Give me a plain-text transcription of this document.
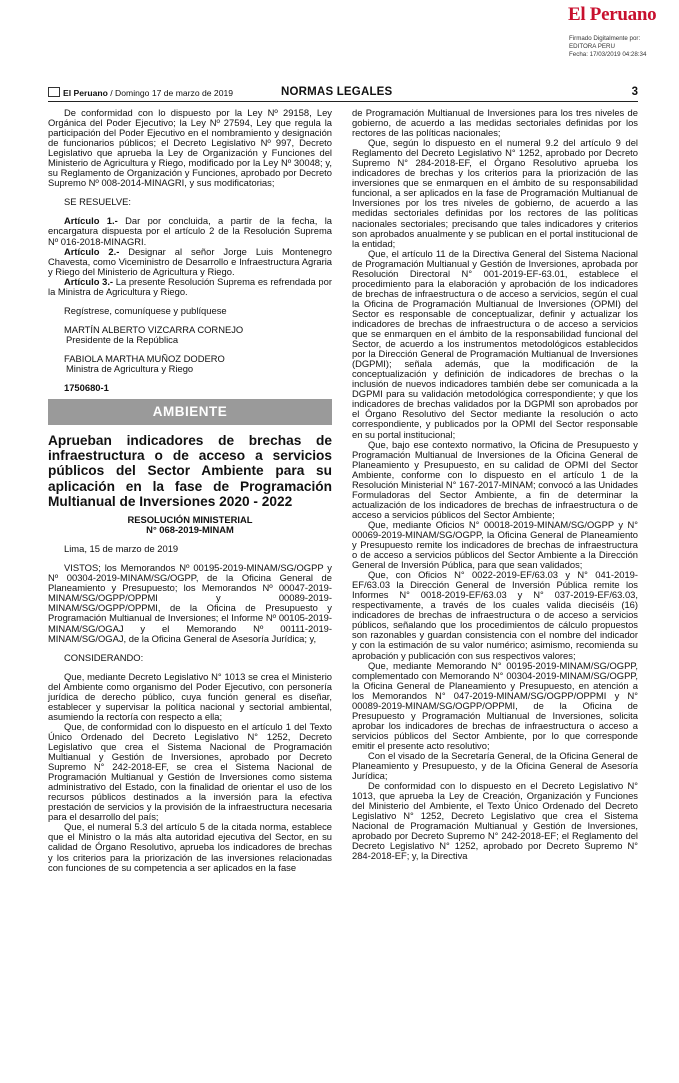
El Peruano
Firmado Digitalmente por:
EDITORA PERU
Fecha: 17/03/2019 04:28:34
El Peruano / Domingo 17 de marzo de 2019	NORMAS LEGALES	3

De conformidad con lo dispuesto por la Ley Nº 29158, Ley Orgánica del Poder Ejecutivo; la Ley Nº 27594, Ley que regula la participación del Poder Ejecutivo en el nombramiento y designación de funcionarios públicos; el Decreto Legislativo Nº 997, Decreto Legislativo que aprueba la Ley de Organización y Funciones del Ministerio de Agricultura y Riego, modificado por la Ley Nº 30048; y, su Reglamento de Organización y Funciones, aprobado por Decreto Supremo Nº 008-2014-MINAGRI, y sus modificatorias;

SE RESUELVE:

Artículo 1.- Dar por concluida, a partir de la fecha, la encargatura dispuesta por el artículo 2 de la Resolución Suprema Nº 016-2018-MINAGRI.

Artículo 2.- Designar al señor Jorge Luis Montenegro Chavesta, como Viceministro de Desarrollo e Infraestructura Agraria y Riego del Ministerio de Agricultura y Riego.

Artículo 3.- La presente Resolución Suprema es refrendada por la Ministra de Agricultura y Riego.

Regístrese, comuníquese y publíquese

MARTÍN ALBERTO VIZCARRA CORNEJO

Presidente de la República

FABIOLA MARTHA MUÑOZ DODERO

Ministra de Agricultura y Riego

1750680-1

AMBIENTE
Aprueban indicadores de brechas de infraestructura o de acceso a servicios públicos del Sector Ambiente para su aplicación en la fase de Programación Multianual de Inversiones 2020 - 2022
RESOLUCIÓN MINISTERIAL
N° 068-2019-MINAM

Lima, 15 de marzo de 2019

VISTOS; los Memorandos Nº 00195-2019-MINAM/SG/OGPP y Nº 00304-2019-MINAM/SG/OGPP, de la Oficina General de Planeamiento y Presupuesto; los Memorandos Nº 00047-2019-MINAM/SG/OGPP/OPPMI y 00089-2019-MINAM/SG/OGPP/OPPMI, de la Oficina de Presupuesto y Programación Multianual de Inversiones; el Informe Nº 00105-2019-MINAM/SG/OGAJ y el Memorando Nº 00111-2019-MINAM/SG/OGAJ, de la Oficina General de Asesoría Jurídica; y,

CONSIDERANDO:

Que, mediante Decreto Legislativo N° 1013 se crea el Ministerio del Ambiente como organismo del Poder Ejecutivo, con personería jurídica de derecho público, cuya función general es diseñar, establecer y supervisar la política nacional y sectorial ambiental, asumiendo la rectoría con respecto a ella;

Que, de conformidad con lo dispuesto en el artículo 1 del Texto Único Ordenado del Decreto Legislativo N° 1252, Decreto Legislativo que crea el Sistema Nacional de Programación Multianual y Gestión de Inversiones, aprobado por Decreto Supremo N° 242-2018-EF, se crea el Sistema Nacional de Programación Multianual y Gestión de Inversiones como sistema administrativo del Estado, con la finalidad de orientar el uso de los recursos públicos destinados a la inversión para la efectiva prestación de servicios y la provisión de la infraestructura necesaria para el desarrollo del país;

Que, el numeral 5.3 del artículo 5 de la citada norma, establece que el Ministro o la más alta autoridad ejecutiva del Sector, en su calidad de Órgano Resolutivo, aprueba los indicadores de brechas y los criterios para la priorización de las inversiones relacionadas con funciones de su competencia a ser aplicados en la fase

de Programación Multianual de Inversiones para los tres niveles de gobierno, de acuerdo a las medidas sectoriales definidas por los rectores de las políticas nacionales;

Que, según lo dispuesto en el numeral 9.2 del artículo 9 del Reglamento del Decreto Legislativo N° 1252, aprobado por Decreto Supremo N° 284-2018-EF, el Órgano Resolutivo aprueba los indicadores de brechas y los criterios para la priorización de las inversiones que se enmarquen en el ámbito de su responsabilidad funcional, a ser aplicados en la fase de Programación Multianual de Inversiones por los tres niveles de gobierno, de acuerdo a las medidas sectoriales definidas por los rectores de las políticas nacionales sectoriales; precisando que tales indicadores y criterios son aprobados anualmente y se publican en el portal institucional de la entidad;

Que, el artículo 11 de la Directiva General del Sistema Nacional de Programación Multianual y Gestión de Inversiones, aprobada por Resolución Directoral N° 001-2019-EF-63.01, establece el procedimiento para la elaboración y aprobación de los indicadores de brechas de infraestructura o de acceso a servicios, según el cual la Oficina de Programación Multianual de Inversiones (OPMI) del Sector es responsable de conceptualizar, definir y actualizar los indicadores de brechas de infraestructura o de acceso a servicios que se enmarquen en el ámbito de la responsabilidad funcional del Sector, de acuerdo a los instrumentos metodológicos establecidos por la Dirección General de Programación Multianual de Inversiones (DGPMI); señala además, que la modificación de la conceptualización y definición de indicadores de brechas o la inclusión de nuevos indicadores también debe ser comunicada a la DGPMI para su validación metodológica correspondiente; y que los indicadores de brechas validados por la DGPMI son aprobados por el Órgano Resolutivo del Sector mediante la resolución o acto correspondiente, y publicados por la OPMI del Sector responsable en su portal institucional;

Que, bajo ese contexto normativo, la Oficina de Presupuesto y Programación Multianual de Inversiones de la Oficina General de Planeamiento y Presupuesto, en su calidad de OPMI del Sector Ambiente, conforme con lo dispuesto en el artículo 1 de la Resolución Ministerial N° 167-2017-MINAM; convocó a las Unidades Formuladoras del Sector Ambiente, a fin de determinar la actualización de los indicadores de brechas de infraestructura o de acceso a servicios públicos del Sector Ambiente;

Que, mediante Oficios N° 00018-2019-MINAM/SG/OGPP y N° 00069-2019-MINAM/SG/OGPP, la Oficina General de Planeamiento y Presupuesto remite los indicadores de brechas de infraestructura o de acceso a servicios públicos del Sector Ambiente a la Dirección General de Inversión Pública, para que sean validados;

Que, con Oficios N° 0022-2019-EF/63.03 y N° 041-2019-EF/63.03 la Dirección General de Inversión Pública remite los Informes N° 0018-2019-EF/63.03 y N° 037-2019-EF/63.03, respectivamente, a través de los cuales valida dieciséis (16) indicadores de brechas de infraestructura o de acceso a servicios públicos, señalando que los procedimientos de cálculo propuestos son razonables y guardan consistencia con el nombre del indicador y con la estimación de su valor numérico; asimismo, recomienda su aprobación y publicación con sus respectivos valores;

Que, mediante Memorando N° 00195-2019-MINAM/SG/OGPP, complementado con Memorando N° 00304-2019-MINAM/SG/OGPP, la Oficina General de Planeamiento y Presupuesto, en atención a los Memorandos N° 047-2019-MINAM/SG/OGPP/OPPMI y N° 00089-2019-MINAM/SG/OGPP/OPPMI, de la Oficina de Presupuesto y Programación Multianual de Inversiones, solicita aprobar los indicadores de brechas de infraestructura o acceso a servicios públicos del Sector Ambiente, por lo que corresponde emitir el presente acto resolutivo;

Con el visado de la Secretaría General, de la Oficina General de Planeamiento y Presupuesto, y de la Oficina General de Asesoría Jurídica;

De conformidad con lo dispuesto en el Decreto Legislativo N° 1013, que aprueba la Ley de Creación, Organización y Funciones del Ministerio del Ambiente, el Texto Único Ordenado del Decreto Legislativo N° 1252, Decreto Legislativo que crea el Sistema Nacional de Programación Multianual y Gestión de Inversiones, aprobado por Decreto Supremo N° 242-2018-EF; el Reglamento del Decreto Legislativo N° 1252, aprobado por Decreto Supremo N° 284-2018-EF; y, la Directiva
